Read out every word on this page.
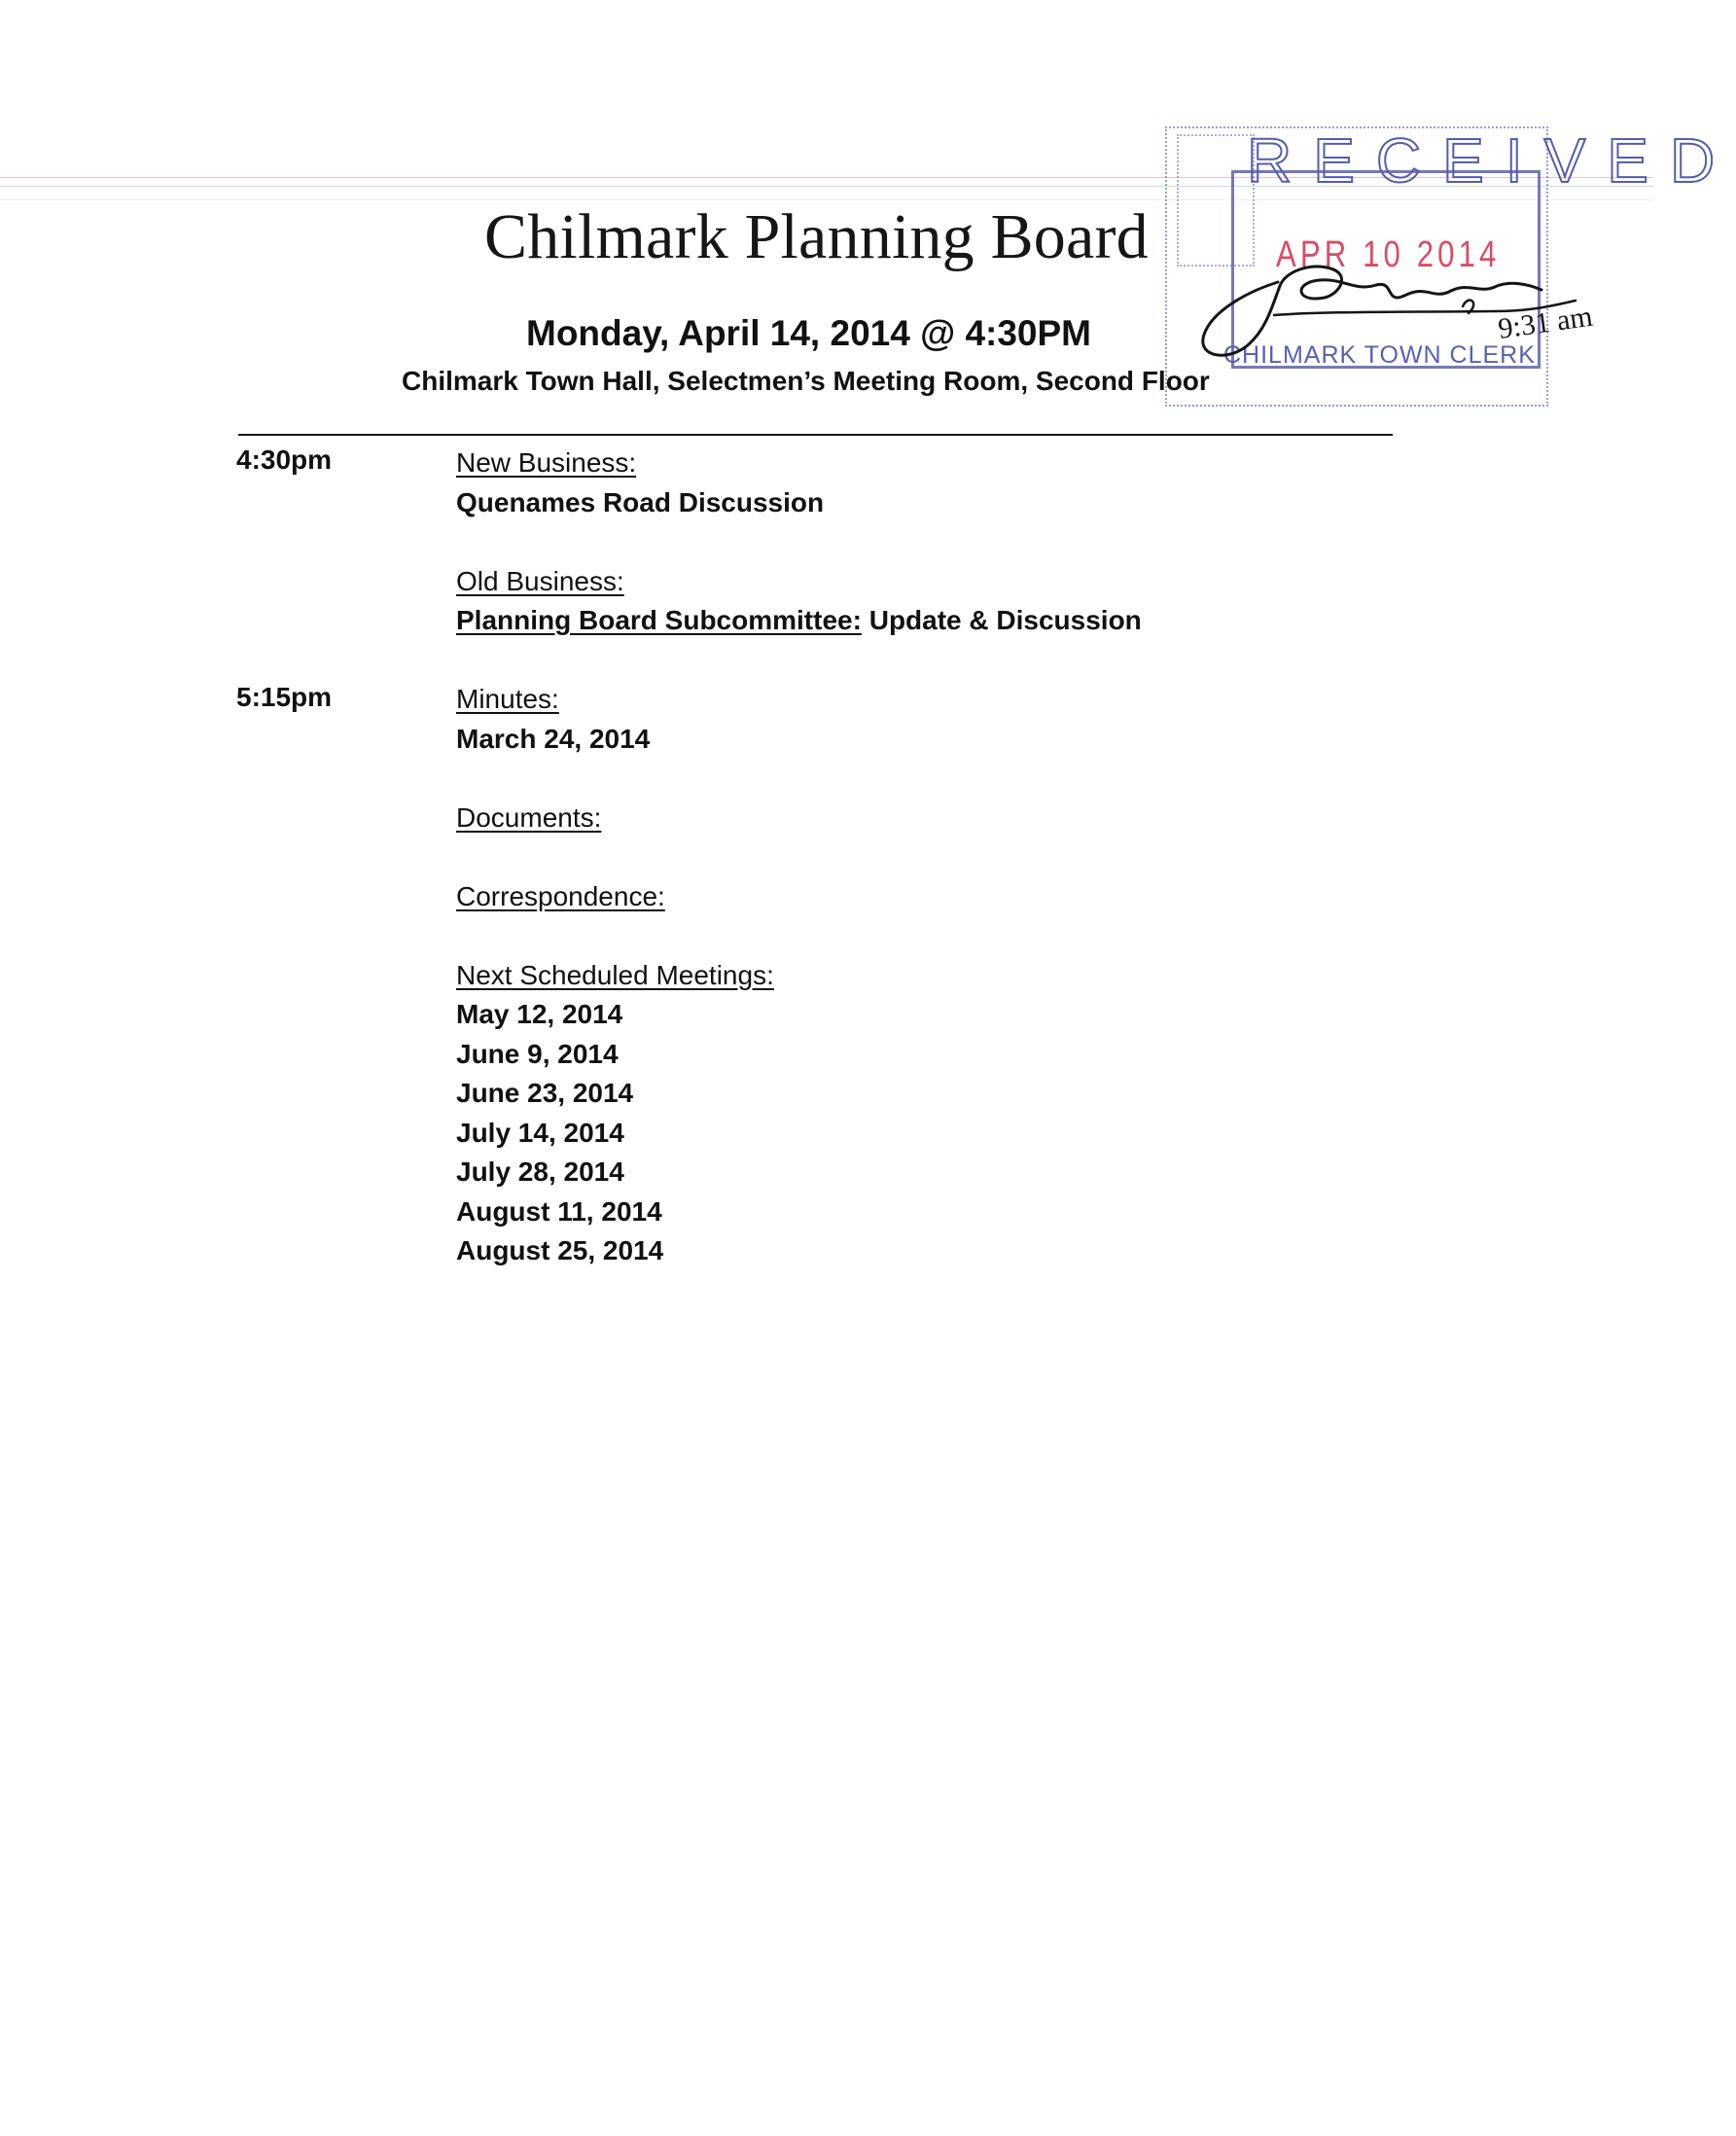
Chilmark Planning Board
Monday, April 14, 2014 @ 4:30PM
Chilmark Town Hall, Selectmen’s Meeting Room, Second Floor
RECEIVED
APR 10 2014
CHILMARK TOWN CLERK
9:31 am
4:30pm
5:15pm
New Business:
Quenames Road Discussion
Old Business:
Planning Board Subcommittee: Update & Discussion
Minutes:
March 24, 2014
Documents:
Correspondence:
Next Scheduled Meetings:
May 12, 2014
June 9, 2014
June 23, 2014
July 14, 2014
July 28, 2014
August 11, 2014
August 25, 2014
